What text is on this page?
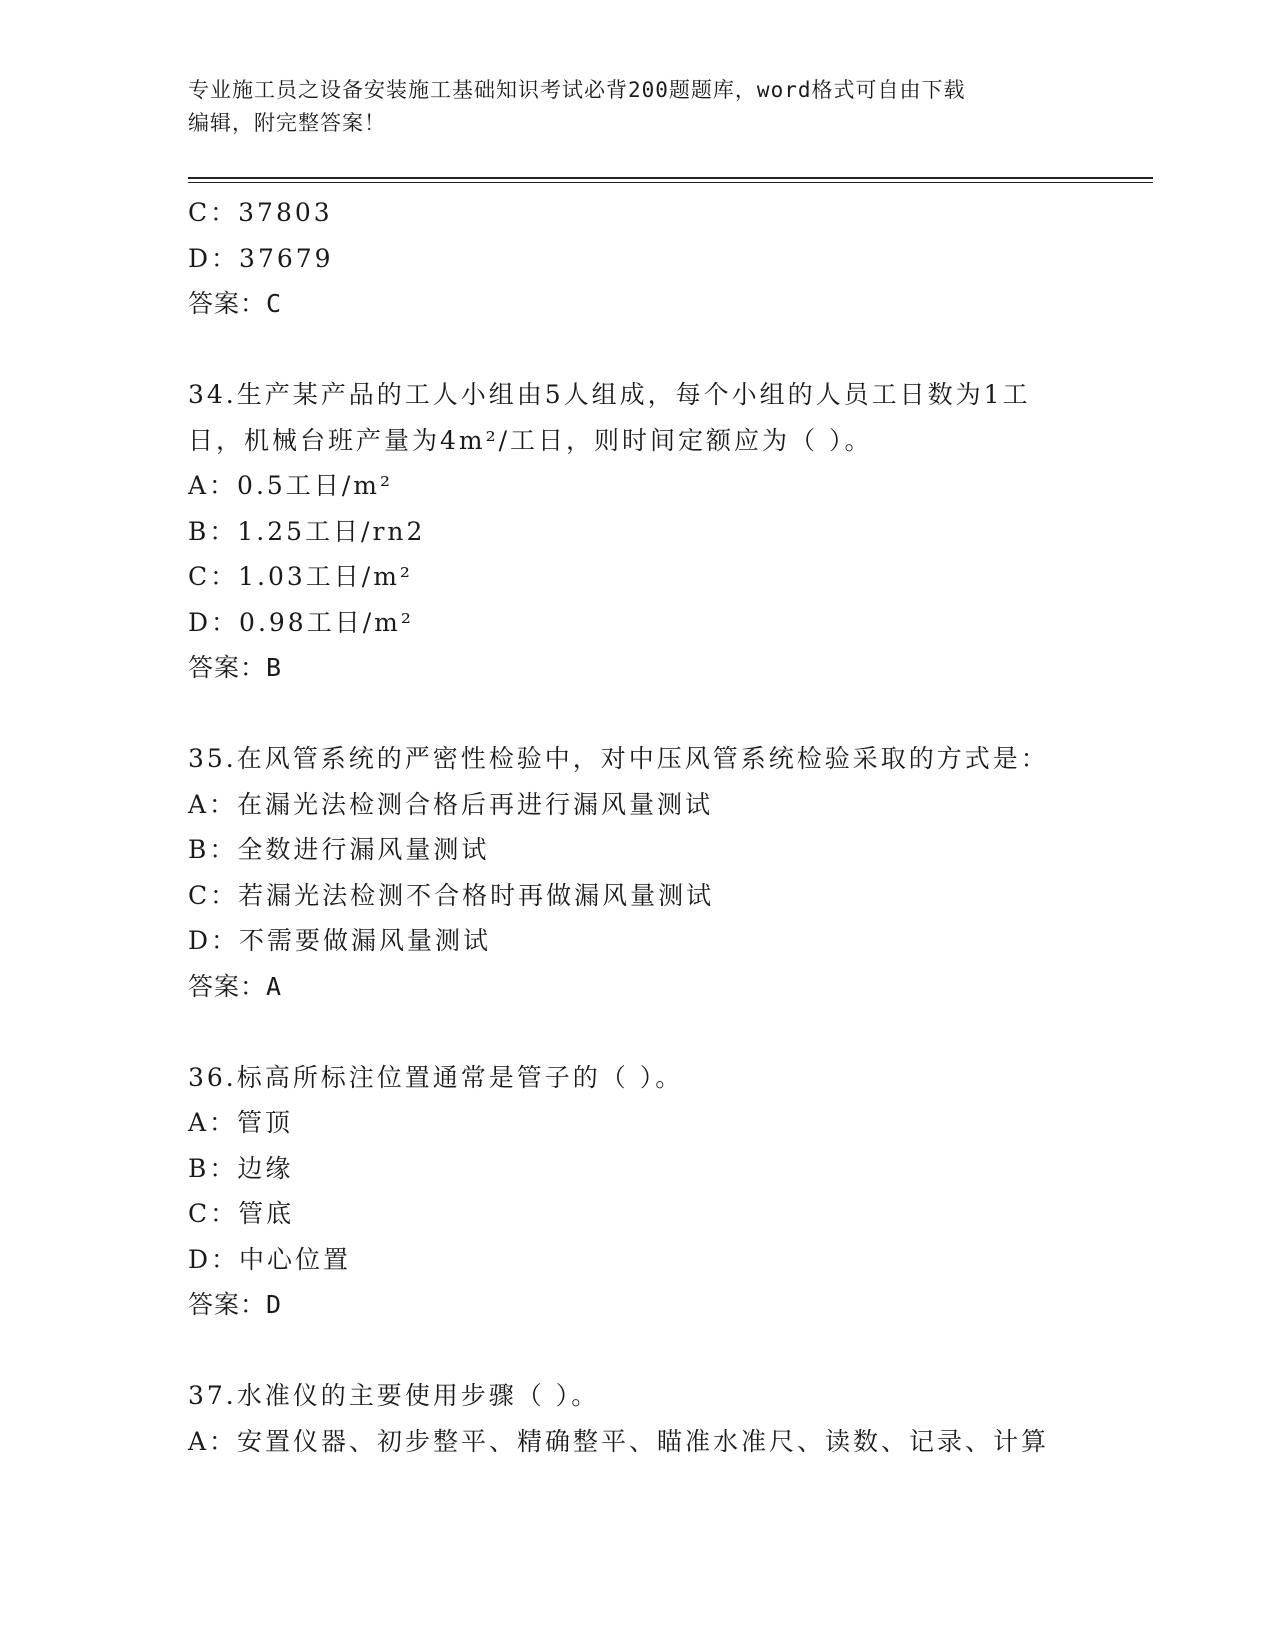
专业施工员之设备安装施工基础知识考试必背200题题库，word格式可自由下载
编辑，附完整答案！
C：37803
D：37679
答案：C
34.生产某产品的工人小组由5人组成，每个小组的人员工日数为1工
日，机械台班产量为4m²/工日，则时间定额应为（ ）。
A：0.5工日/m²
B：1.25工日/rn2
C：1.03工日/m²
D：0.98工日/m²
答案：B
35.在风管系统的严密性检验中，对中压风管系统检验采取的方式是：
A：在漏光法检测合格后再进行漏风量测试
B：全数进行漏风量测试
C：若漏光法检测不合格时再做漏风量测试
D：不需要做漏风量测试
答案：A
36.标高所标注位置通常是管子的（ ）。
A：管顶
B：边缘
C：管底
D：中心位置
答案：D
37.水准仪的主要使用步骤（ ）。
A：安置仪器、初步整平、精确整平、瞄准水准尺、读数、记录、计算
